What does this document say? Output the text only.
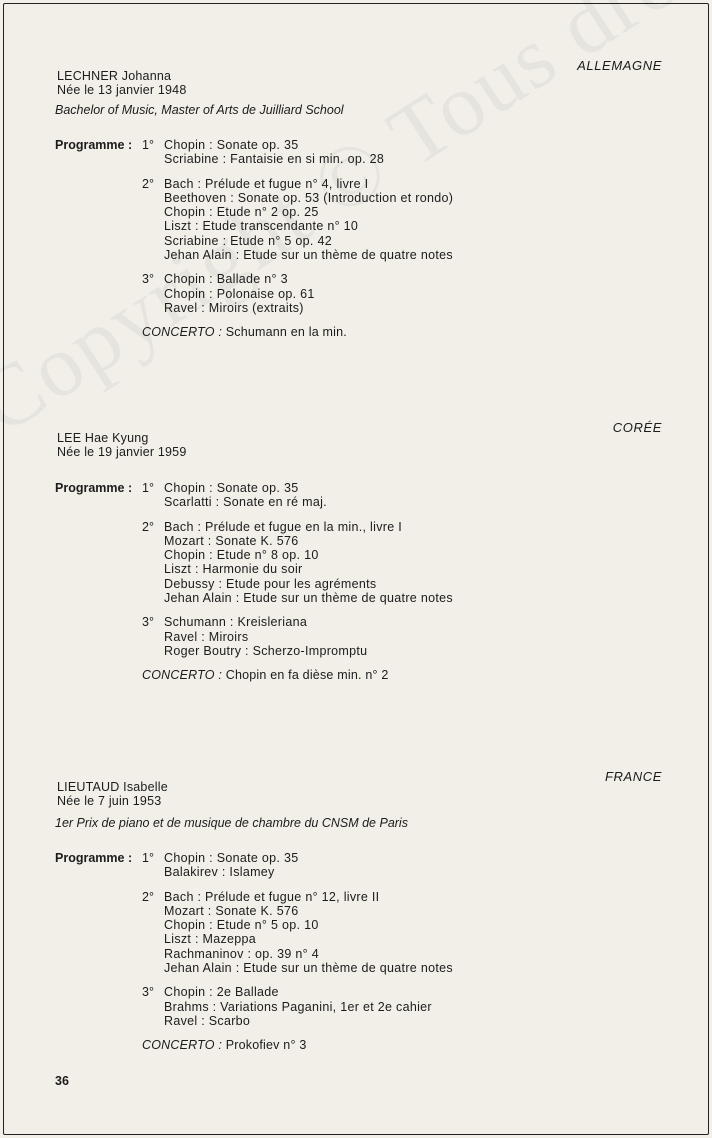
ALLEMAGNE
LECHNER Johanna
Née le 13 janvier 1948
Bachelor of Music, Master of Arts de Juilliard School
Programme : 1° Chopin : Sonate op. 35
Scriabine : Fantaisie en si min. op. 28
2° Bach : Prélude et fugue n° 4, livre I
Beethoven : Sonate op. 53 (Introduction et rondo)
Chopin : Etude n° 2 op. 25
Liszt : Etude transcendante n° 10
Scriabine : Etude n° 5 op. 42
Jehan Alain : Etude sur un thème de quatre notes
3° Chopin : Ballade n° 3
Chopin : Polonaise op. 61
Ravel : Miroirs (extraits)
CONCERTO : Schumann en la min.
CORÉE
LEE Hae Kyung
Née le 19 janvier 1959
Programme : 1° Chopin : Sonate op. 35
Scarlatti : Sonate en ré maj.
2° Bach : Prélude et fugue en la min., livre I
Mozart : Sonate K. 576
Chopin : Etude n° 8 op. 10
Liszt : Harmonie du soir
Debussy : Etude pour les agréments
Jehan Alain : Etude sur un thème de quatre notes
3° Schumann : Kreisleriana
Ravel : Miroirs
Roger Boutry : Scherzo-Impromptu
CONCERTO : Chopin en fa dièse min. n° 2
FRANCE
LIEUTAUD Isabelle
Née le 7 juin 1953
1er Prix de piano et de musique de chambre du CNSM de Paris
Programme : 1° Chopin : Sonate op. 35
Balakirev : Islamey
2° Bach : Prélude et fugue n° 12, livre II
Mozart : Sonate K. 576
Chopin : Etude n° 5 op. 10
Liszt : Mazeppa
Rachmaninov : op. 39 n° 4
Jehan Alain : Etude sur un thème de quatre notes
3° Chopin : 2e Ballade
Brahms : Variations Paganini, 1er et 2e cahier
Ravel : Scarbo
CONCERTO : Prokofiev n° 3
36
